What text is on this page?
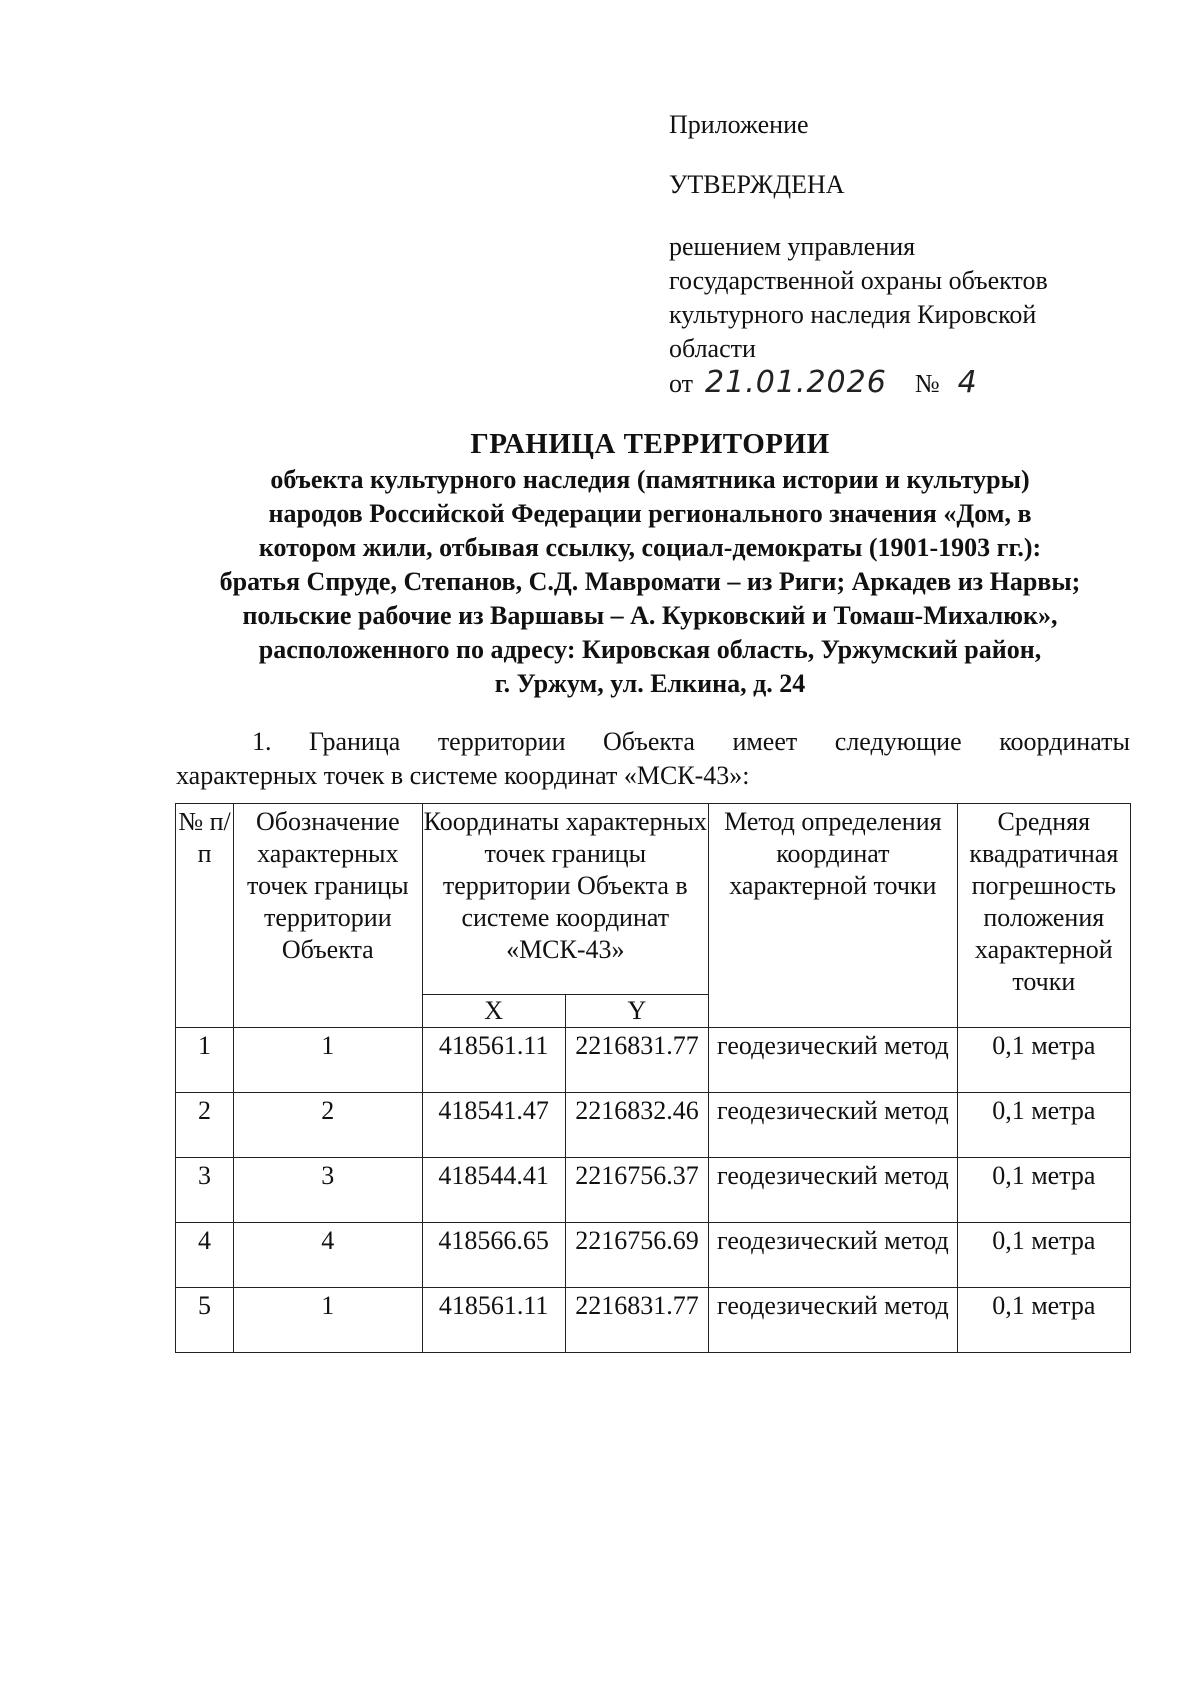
Приложение
УТВЕРЖДЕНА
решением управления
государственной охраны объектов
культурного наследия Кировской
области
от 21.01.2026 № 4
ГРАНИЦА ТЕРРИТОРИИ
объекта культурного наследия (памятника истории и культуры)
народов Российской Федерации регионального значения «Дом, в
котором жили, отбывая ссылку, социал-демократы (1901-1903 гг.):
братья Спруде, Степанов, С.Д. Мавромати – из Риги; Аркадев из Нарвы;
польские рабочие из Варшавы – А. Курковский и Томаш-Михалюк»,
расположенного по адресу: Кировская область, Уржумский район,
г. Уржум, ул. Елкина, д. 24
1. Граница территории Объекта имеет следующие координаты
характерных точек в системе координат «МСК-43»:
№ п/п	Обозначение характерных точек границы территории Объекта	Координаты характерных точек границы территории Объекта в системе координат «МСК-43»		Метод определения координат характерной точки	Средняя квадратичная погрешность положения характерной точки
		X	Y		
1	1	418561.11	2216831.77	геодезический метод	0,1 метра
2	2	418541.47	2216832.46	геодезический метод	0,1 метра
3	3	418544.41	2216756.37	геодезический метод	0,1 метра
4	4	418566.65	2216756.69	геодезический метод	0,1 метра
5	1	418561.11	2216831.77	геодезический метод	0,1 метра
